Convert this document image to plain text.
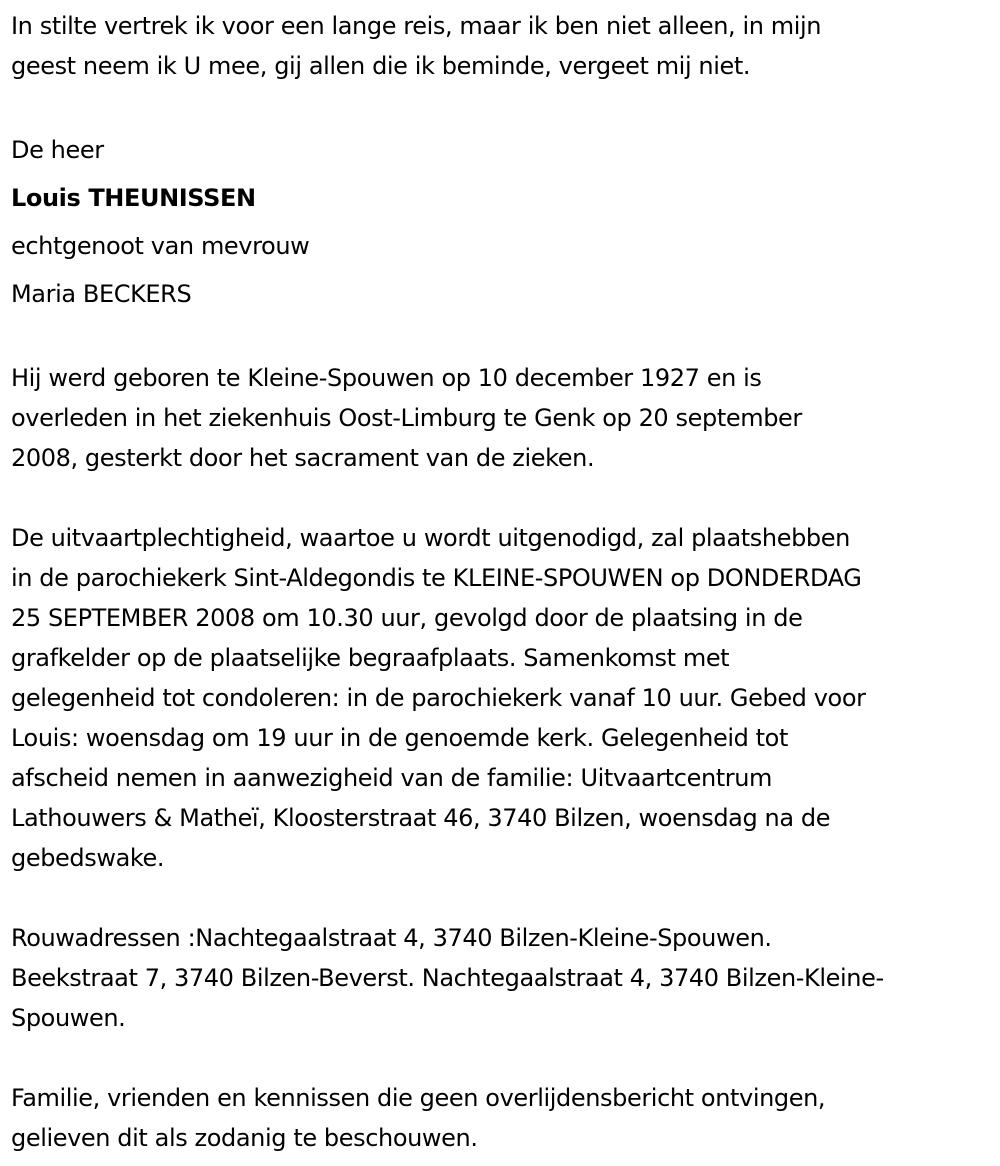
In stilte vertrek ik voor een lange reis, maar ik ben niet alleen, in mijn
geest neem ik U mee, gij allen die ik beminde, vergeet mij niet.

De heer
Louis THEUNISSEN
echtgenoot van mevrouw
Maria BECKERS

Hij werd geboren te Kleine-Spouwen op 10 december 1927 en is
overleden in het ziekenhuis Oost-Limburg te Genk op 20 september
2008, gesterkt door het sacrament van de zieken.

De uitvaartplechtigheid, waartoe u wordt uitgenodigd, zal plaatshebben
in de parochiekerk Sint-Aldegondis te KLEINE-SPOUWEN op DONDERDAG
25 SEPTEMBER 2008 om 10.30 uur, gevolgd door de plaatsing in de
grafkelder op de plaatselijke begraafplaats. Samenkomst met
gelegenheid tot condoleren: in de parochiekerk vanaf 10 uur. Gebed voor
Louis: woensdag om 19 uur in de genoemde kerk. Gelegenheid tot
afscheid nemen in aanwezigheid van de familie: Uitvaartcentrum
Lathouwers & Matheï, Kloosterstraat 46, 3740 Bilzen, woensdag na de
gebedswake.

Rouwadressen :Nachtegaalstraat 4, 3740 Bilzen-Kleine-Spouwen.
Beekstraat 7, 3740 Bilzen-Beverst. Nachtegaalstraat 4, 3740 Bilzen-Kleine-
Spouwen.

Familie, vrienden en kennissen die geen overlijdensbericht ontvingen,
gelieven dit als zodanig te beschouwen.
